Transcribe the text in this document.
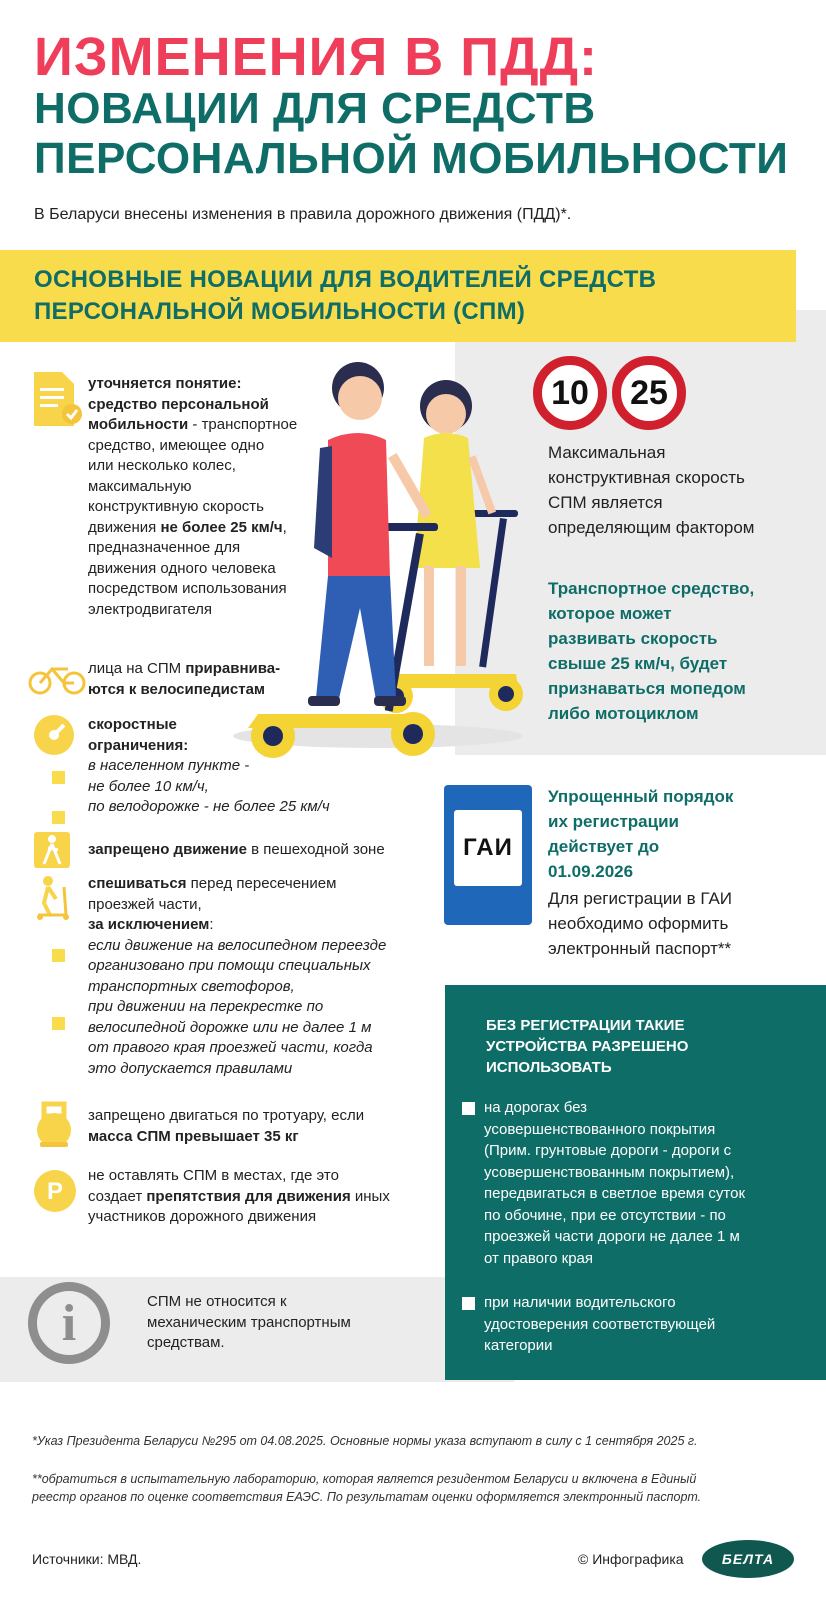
ИЗМЕНЕНИЯ В ПДД:
НОВАЦИИ ДЛЯ СРЕДСТВ
ПЕРСОНАЛЬНОЙ МОБИЛЬНОСТИ
В Беларуси внесены изменения в правила дорожного движения (ПДД)*.
ОСНОВНЫЕ НОВАЦИИ ДЛЯ ВОДИТЕЛЕЙ СРЕДСТВ
ПЕРСОНАЛЬНОЙ МОБИЛЬНОСТИ (СПМ)
P
уточняется понятие:
средство персональной
мобильности - транспортное
средство, имеющее одно
или несколько колес,
максимальную
конструктивную скорость
движения не более 25 км/ч,
предназначенное для
движения одного человека
посредством использования
электродвигателя
лица на СПМ приравнива-
ются к велосипедистам
скоростные
ограничения:
в населенном пункте -
не более 10 км/ч,
по велодорожке - не более 25 км/ч
запрещено движение в пешеходной зоне
спешиваться перед пересечением
проезжей части,
за исключением:
если движение на велосипедном переезде
организовано при помощи специальных
транспортных светофоров,
при движении на перекрестке по
велосипедной дорожке или не далее 1 м
от правого края проезжей части, когда
это допускается правилами
запрещено двигаться по тротуару, если
масса СПМ превышает 35 кг
не оставлять СПМ в местах, где это
создает препятствия для движения иных
участников дорожного движения
i	СПМ не относится к
механическим транспортным
средствам.
10	25
Максимальная
конструктивная скорость
СПМ является
определяющим фактором
Транспортное средство,
которое может
развивать скорость
свыше 25 км/ч, будет
признаваться мопедом
либо мотоциклом
ГАИ
Упрощенный порядок
их регистрации
действует до
01.09.2026
Для регистрации в ГАИ
необходимо оформить
электронный паспорт**
БЕЗ РЕГИСТРАЦИИ ТАКИЕ
УСТРОЙСТВА РАЗРЕШЕНО
ИСПОЛЬЗОВАТЬ
на дорогах без
усовершенствованного покрытия
(Прим. грунтовые дороги - дороги с
усовершенствованным покрытием),
передвигаться в светлое время суток
по обочине, при ее отсутствии - по
проезжей части дороги не далее 1 м
от правого края
при наличии водительского
удостоверения соответствующей
категории
*Указ Президента Беларуси №295 от 04.08.2025. Основные нормы указа вступают в силу с 1 сентября 2025 г.
**обратиться в испытательную лабораторию, которая является резидентом Беларуси и включена в Единый
реестр органов по оценке соответствия ЕАЭС. По результатам оценки оформляется электронный паспорт.
Источники: МВД.	© Инфографика	БЕЛТА
